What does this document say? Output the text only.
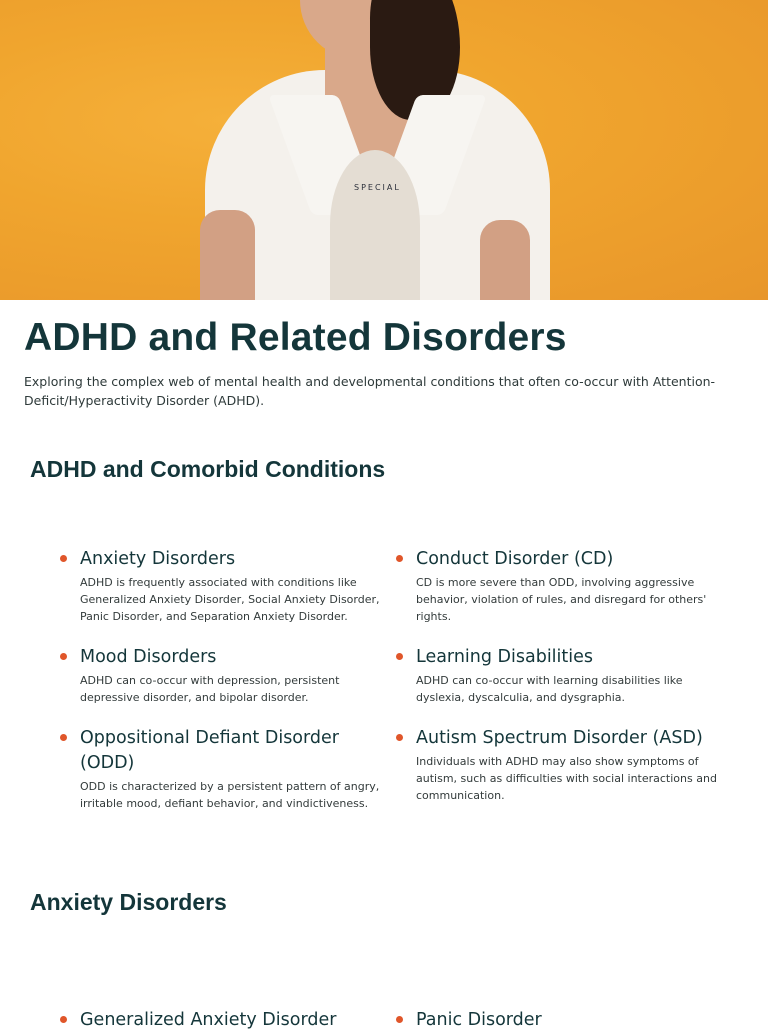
SPECIAL
ADHD and Related Disorders

Exploring the complex web of mental health and developmental conditions that often co-occur with Attention-Deficit/Hyperactivity Disorder (ADHD).

ADHD and Comorbid Conditions
Anxiety Disorders

ADHD is frequently associated with conditions like Generalized Anxiety Disorder, Social Anxiety Disorder, Panic Disorder, and Separation Anxiety Disorder.

Conduct Disorder (CD)

CD is more severe than ODD, involving aggressive behavior, violation of rules, and disregard for others' rights.

Mood Disorders

ADHD can co-occur with depression, persistent depressive disorder, and bipolar disorder.

Learning Disabilities

ADHD can co-occur with learning disabilities like dyslexia, dyscalculia, and dysgraphia.

Oppositional Defiant Disorder (ODD)

ODD is characterized by a persistent pattern of angry, irritable mood, defiant behavior, and vindictiveness.

Autism Spectrum Disorder (ASD)

Individuals with ADHD may also show symptoms of autism, such as difficulties with social interactions and communication.

Anxiety Disorders
Generalized Anxiety Disorder	Panic Disorder
